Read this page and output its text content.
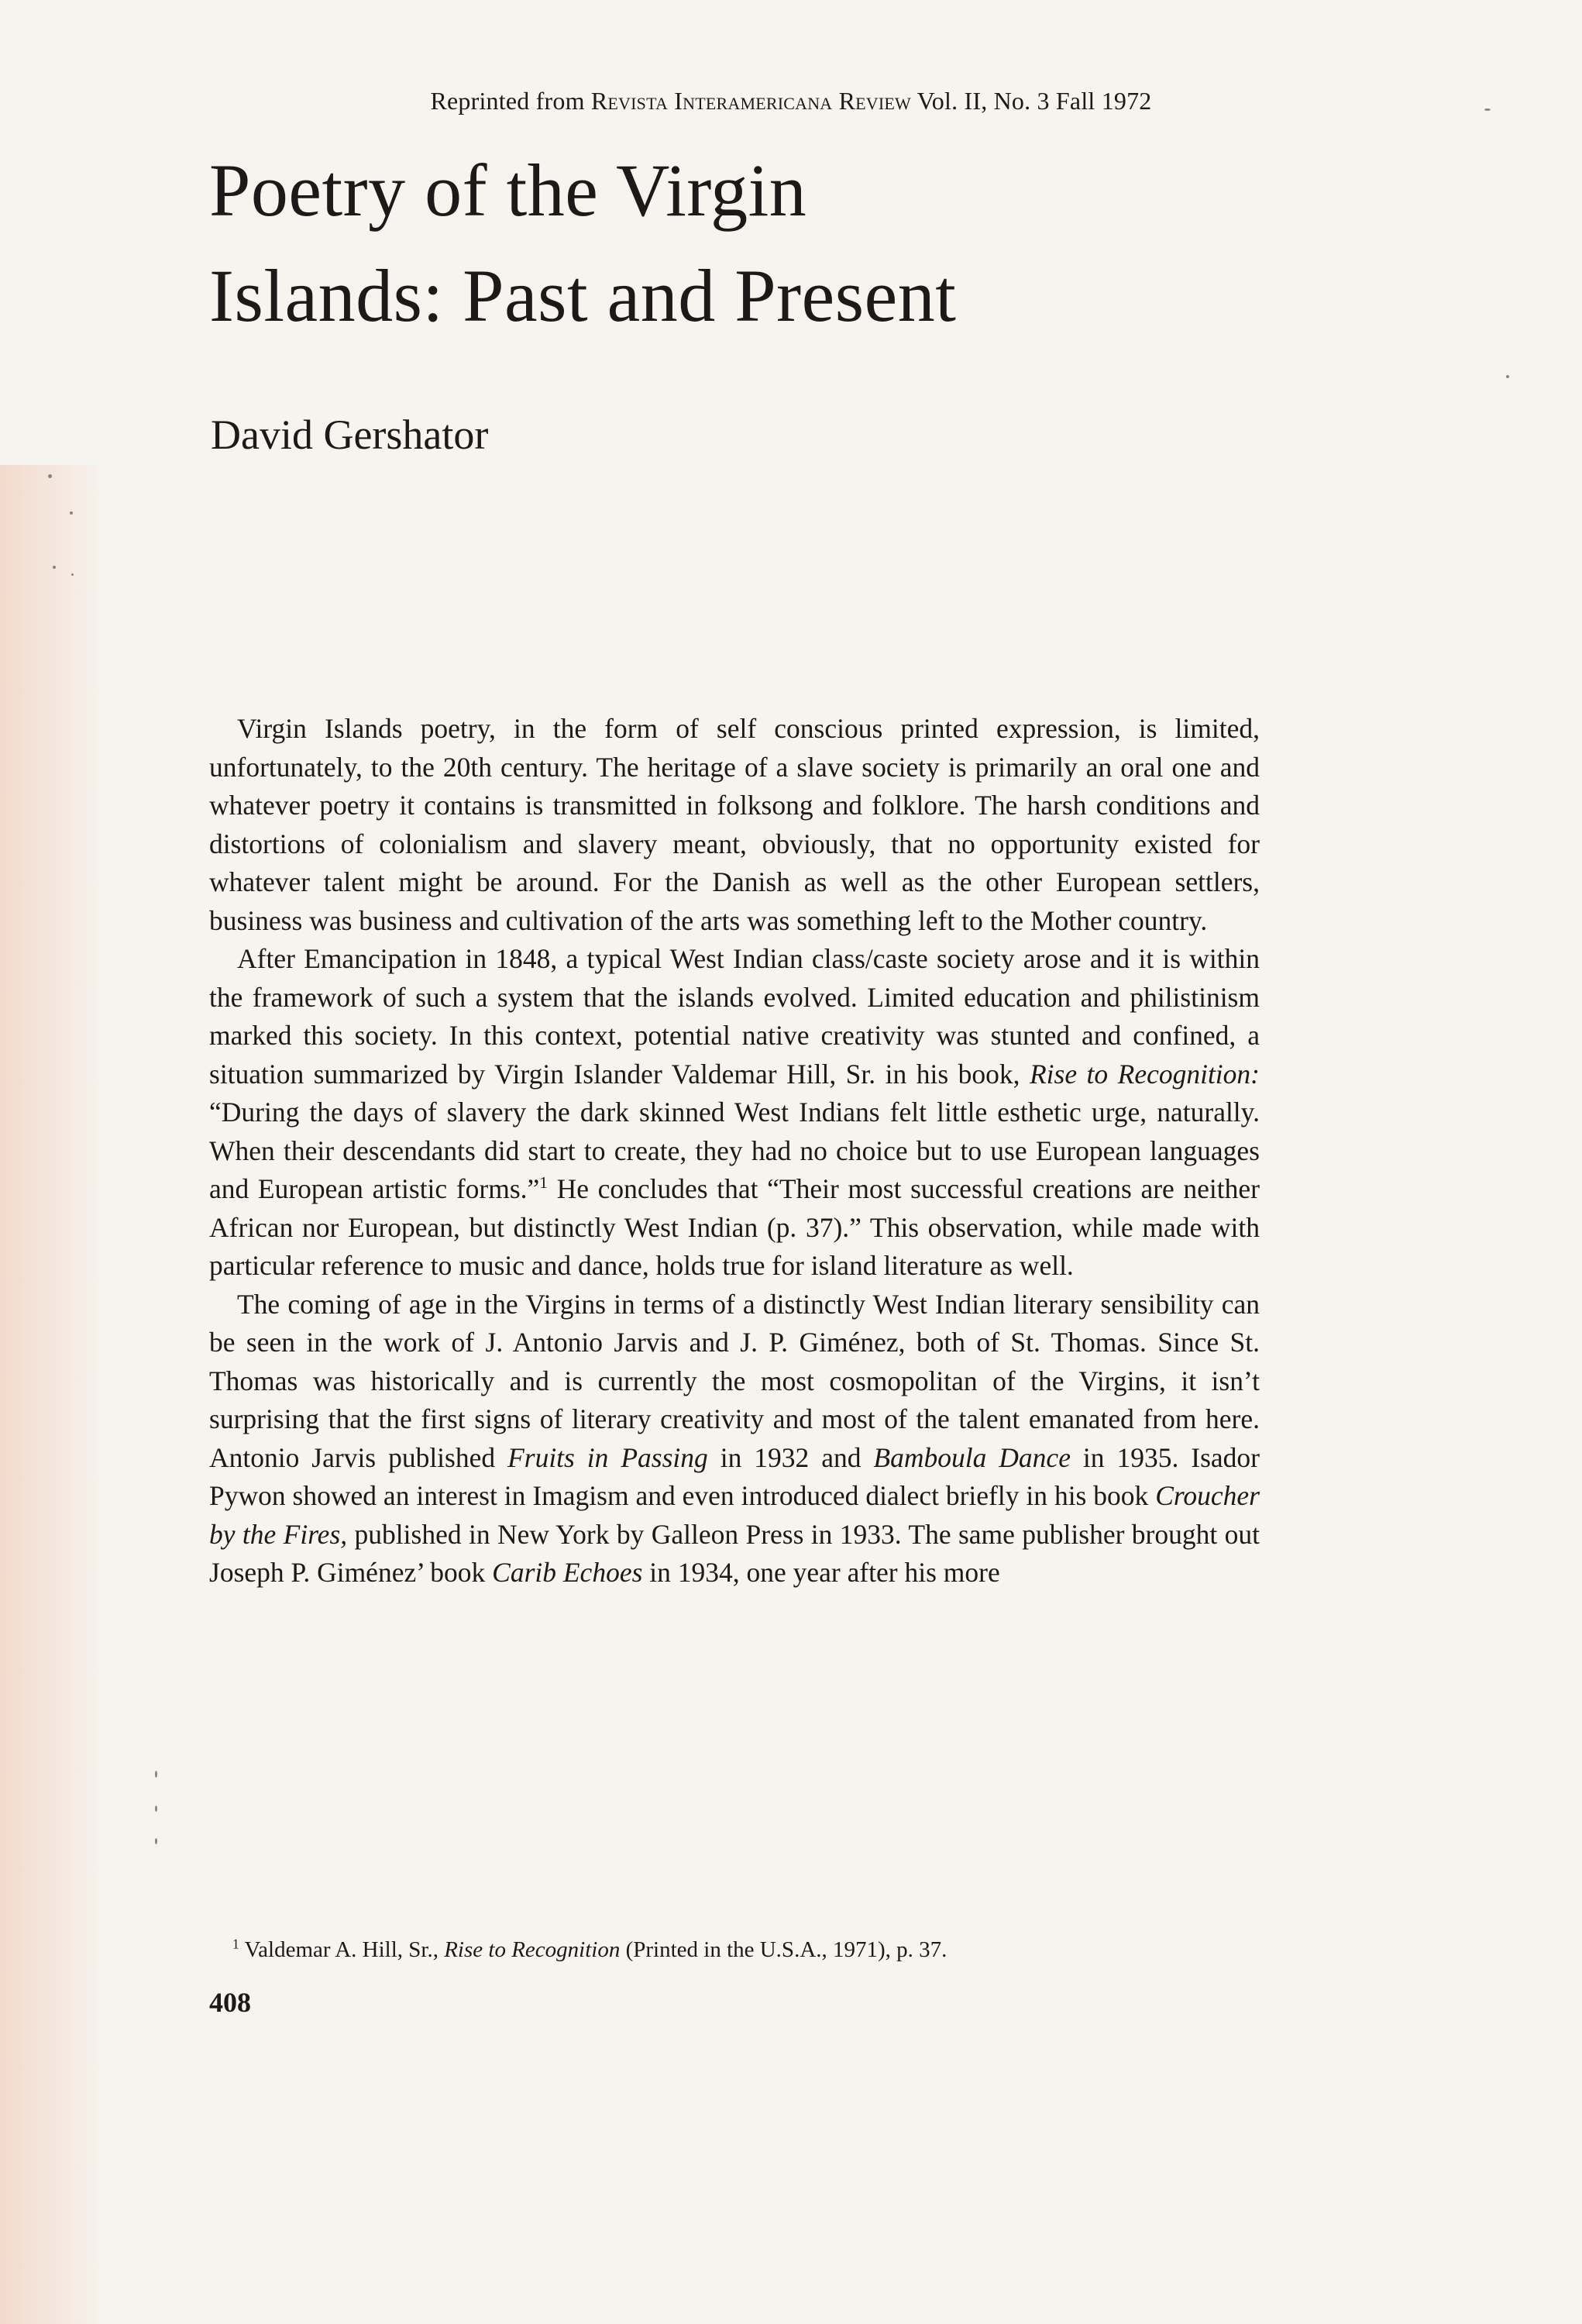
Reprinted from Revista Interamericana Review Vol. II, No. 3 Fall 1972
Poetry of the Virgin
Islands: Past and Present
David Gershator

Virgin Islands poetry, in the form of self conscious printed expression, is limited, unfortunately, to the 20th century. The heritage of a slave society is primarily an oral one and whatever poetry it contains is transmitted in folksong and folklore. The harsh conditions and distortions of colonialism and slavery meant, obviously, that no opportunity existed for whatever talent might be around. For the Danish as well as the other European settlers, business was business and cultivation of the arts was something left to the Mother country.

After Emancipation in 1848, a typical West Indian class/caste society arose and it is within the framework of such a system that the islands evolved. Limited education and philistinism marked this society. In this context, potential native creativity was stunted and confined, a situation summarized by Virgin Islander Valdemar Hill, Sr. in his book, Rise to Recognition: “During the days of slavery the dark skinned West Indians felt little esthetic urge, naturally. When their descendants did start to create, they had no choice but to use European languages and European artistic forms.”$^1$ He concludes that “Their most successful creations are neither African nor European, but distinctly West Indian (p. 37).” This observation, while made with particular reference to music and dance, holds true for island literature as well.

The coming of age in the Virgins in terms of a distinctly West Indian literary sensibility can be seen in the work of J. Antonio Jarvis and J. P. Giménez, both of St. Thomas. Since St. Thomas was historically and is currently the most cosmopolitan of the Virgins, it isn’t surprising that the first signs of literary creativity and most of the talent emanated from here. Antonio Jarvis published Fruits in Passing in 1932 and Bamboula Dance in 1935. Isador Pywon showed an interest in Imagism and even introduced dialect briefly in his book Croucher by the Fires, published in New York by Galleon Press in 1933. The same publisher brought out Joseph P. Giménez’ book Carib Echoes in 1934, one year after his more

$^1$ Valdemar A. Hill, Sr., Rise to Recognition (Printed in the U.S.A., 1971), p. 37.
408
